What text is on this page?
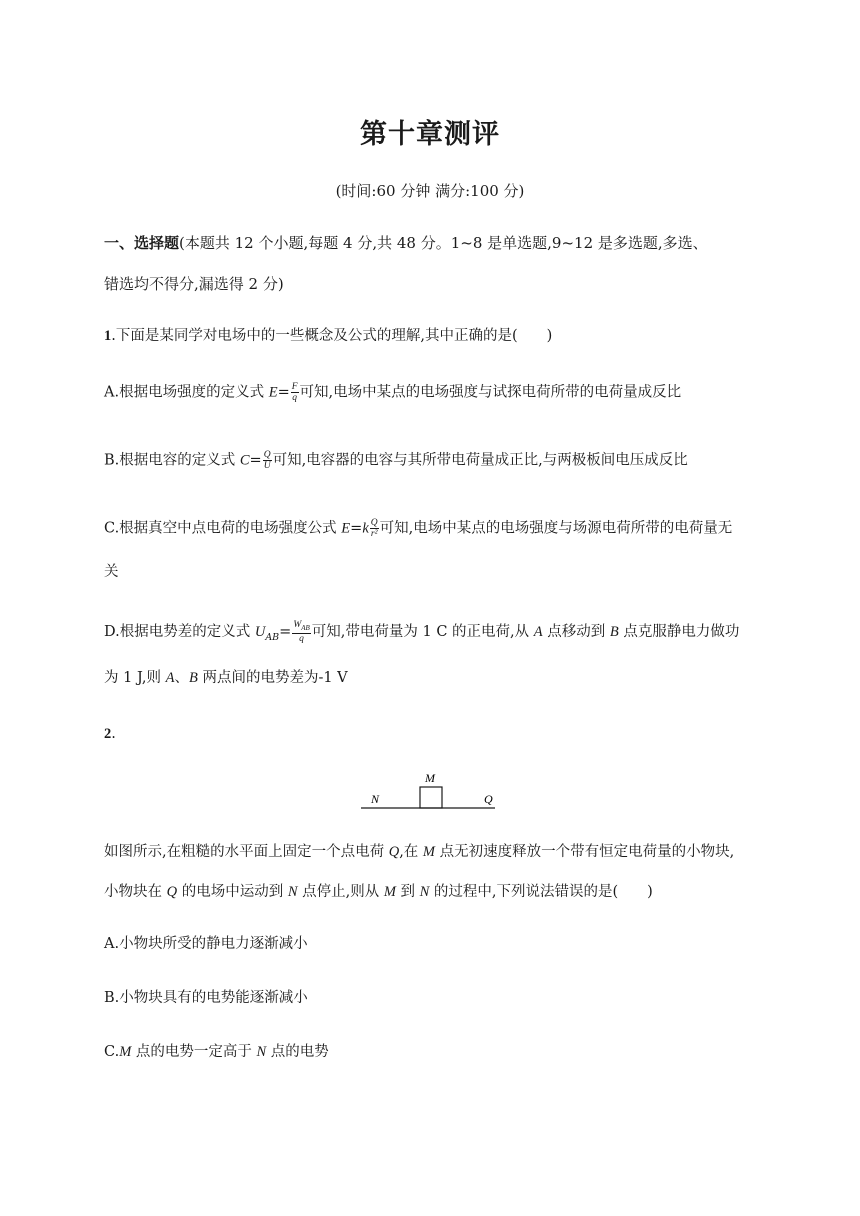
第十章测评
(时间:60 分钟 满分:100 分)
一、选择题(本题共 12 个小题,每题 4 分,共 48 分。1~8 是单选题,9~12 是多选题,多选、
错选均不得分,漏选得 2 分)
1.下面是某同学对电场中的一些概念及公式的理解,其中正确的是(　　)
A.根据电场强度的定义式 $E= \frac{F}{q}$ 可知,电场中某点的电场强度与试探电荷所带的电荷量成反比
B.根据电容的定义式 $C= \frac{Q}{U}$ 可知,电容器的电容与其所带电荷量成正比,与两极板间电压成反比
C.根据真空中点电荷的电场强度公式 $E=k \frac{Q}{\text{r²}}$ 可知,电场中某点的电场强度与场源电荷所带的电荷量无
关
D.根据电势差的定义式 $U_{AB}= \frac{W_{AB}}{q}$ 可知,带电荷量为 1 C 的正电荷,从 A 点移动到 B 点克服静电力做功
为 1 J,则 A、B 两点间的电势差为-1 V
2.
M
N	Q
如图所示,在粗糙的水平面上固定一个点电荷 Q,在 M 点无初速度释放一个带有恒定电荷量的小物块,
小物块在 Q 的电场中运动到 N 点停止,则从 M 到 N 的过程中,下列说法错误的是(　　)
A.小物块所受的静电力逐渐减小
B.小物块具有的电势能逐渐减小
C.M 点的电势一定高于 N 点的电势
